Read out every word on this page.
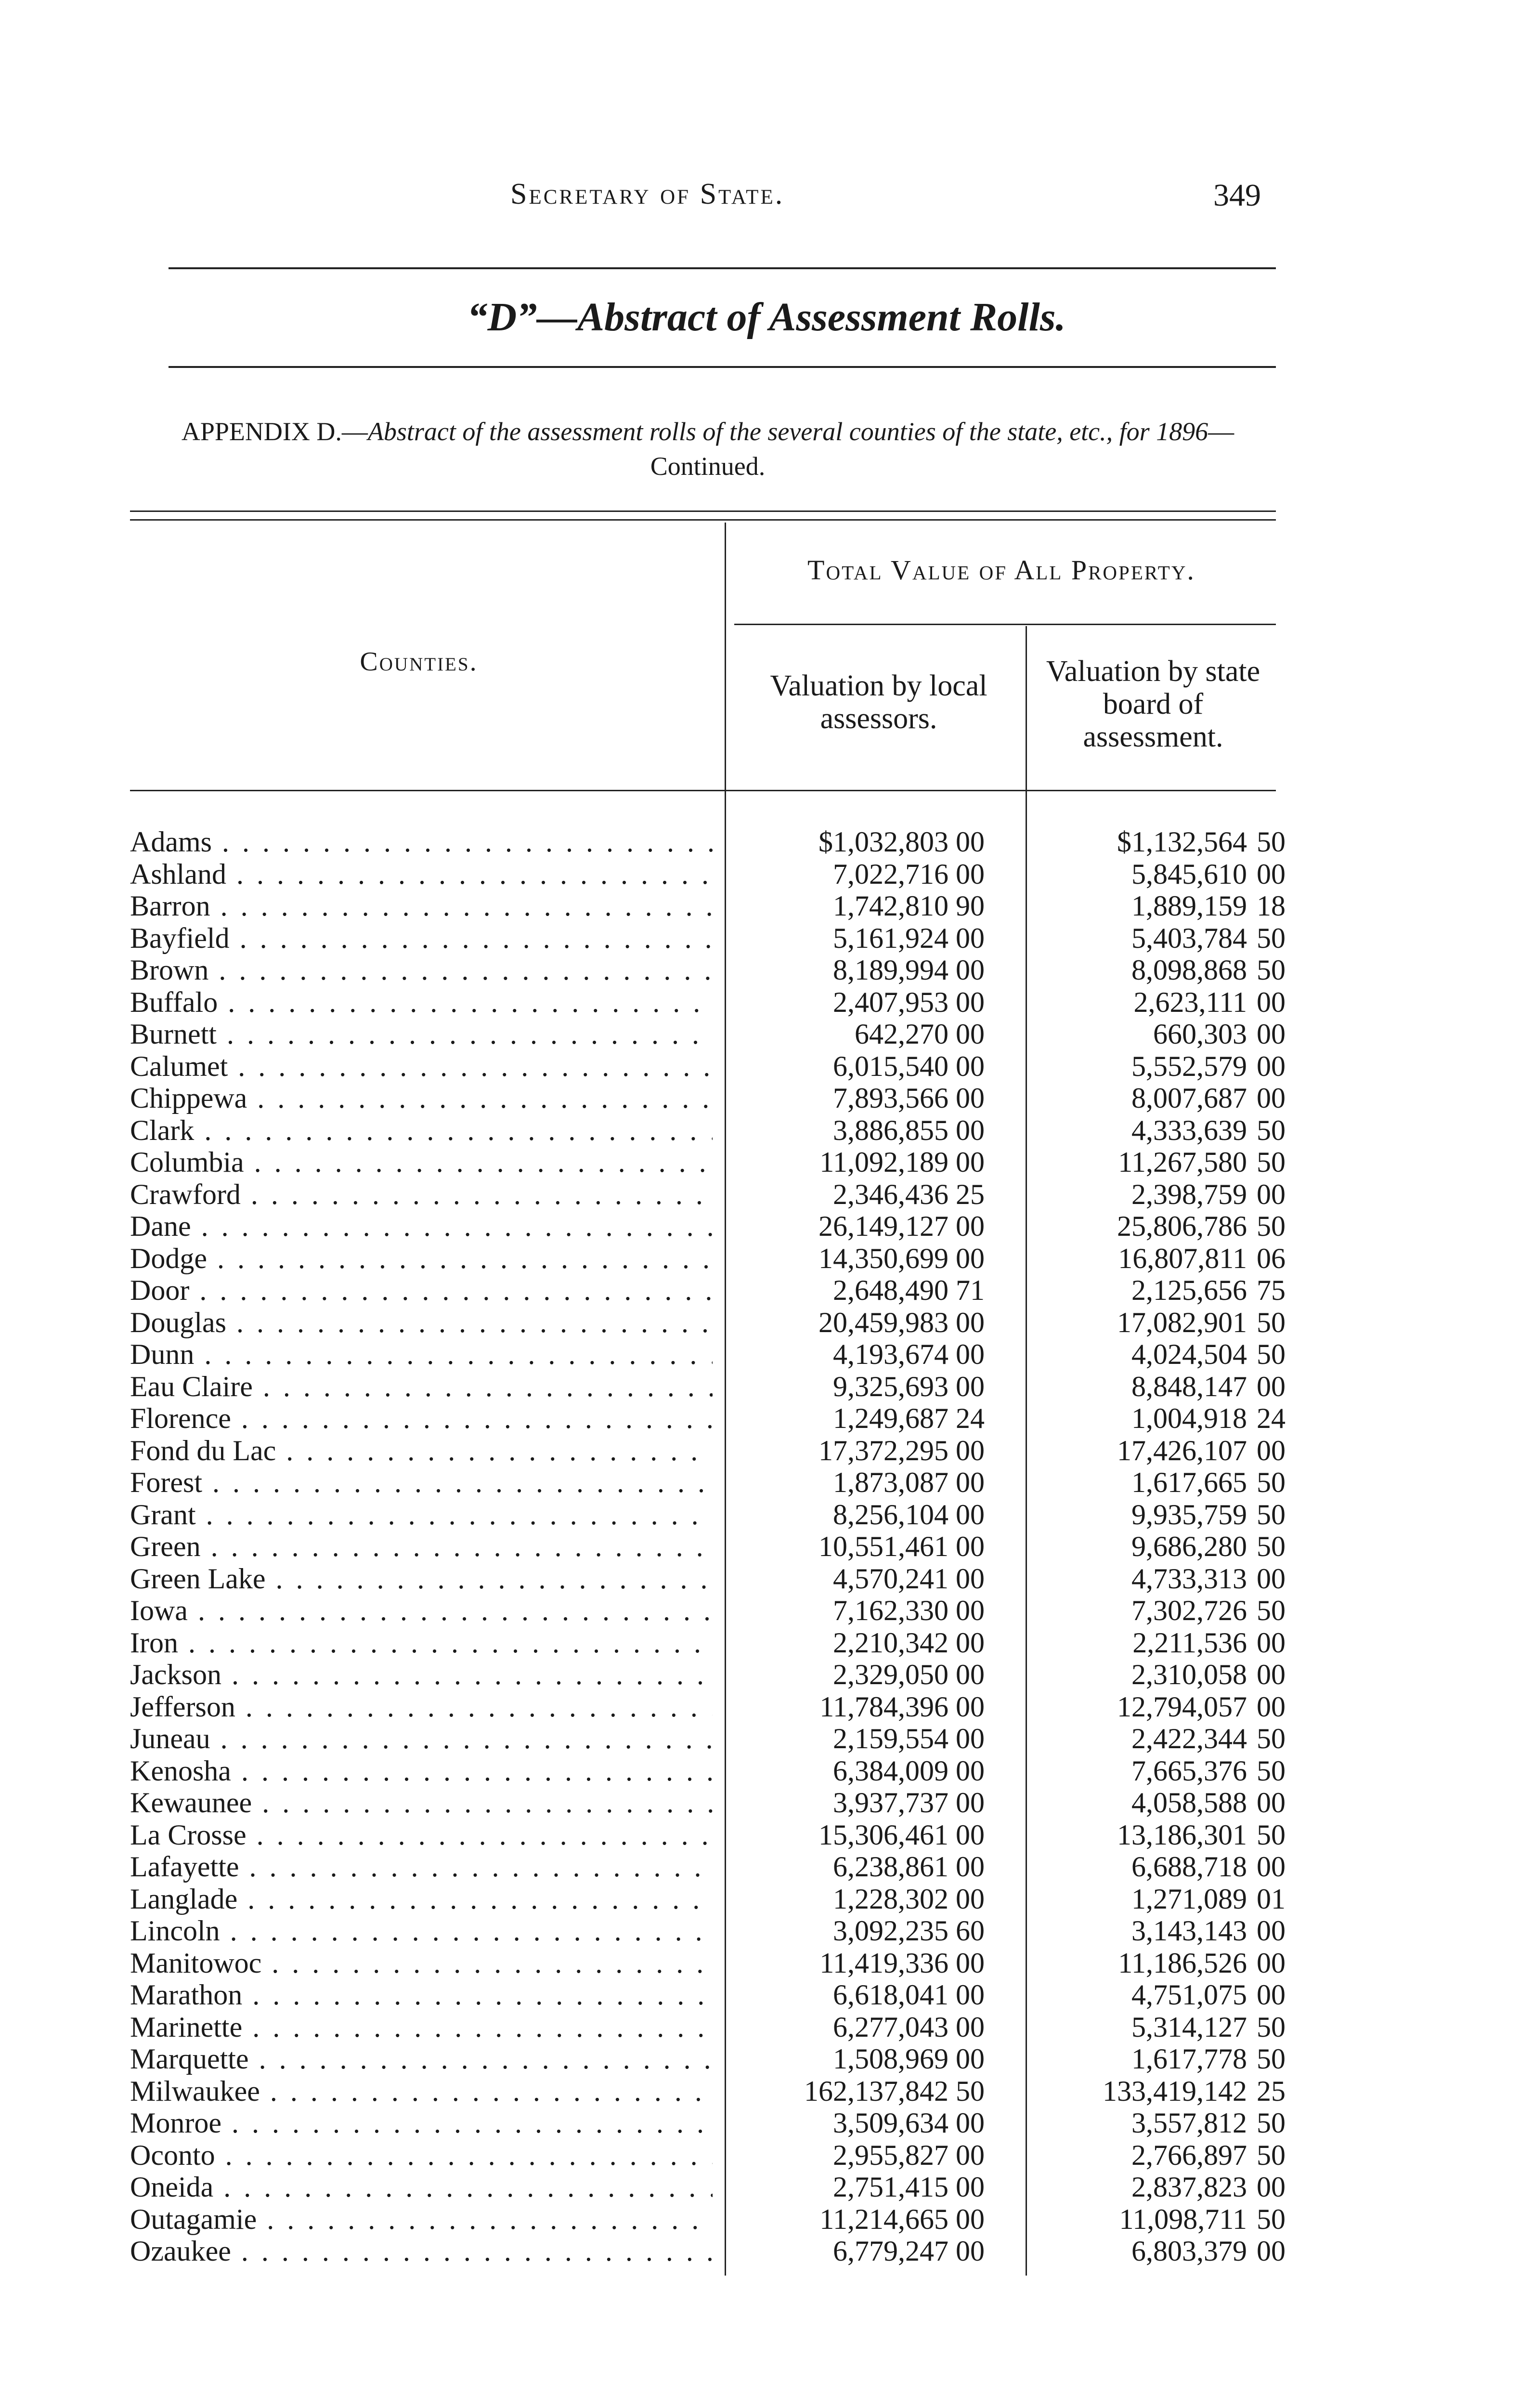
Secretary of State.	349
“D”—Abstract of Assessment Rolls.
APPENDIX D.—Abstract of the assessment rolls of the several counties of the state, etc., for 1896—Continued.
Counties.
Total Value of All Property.
Valuation by local assessors.
Valuation by state board of assessment.
Adams . . .	$1,032,803 00	$1,132,564 50
Ashland . . .	7,022,716 00	5,845,610 00
Barron . . .	1,742,810 90	1,889,159 18
Bayfield . . .	5,161,924 00	5,403,784 50
Brown . . .	8,189,994 00	8,098,868 50
Buffalo . . .	2,407,953 00	2,623,111 00
Burnett . . .	642,270 00	660,303 00
Calumet . . .	6,015,540 00	5,552,579 00
Chippewa . . .	7,893,566 00	8,007,687 00
Clark . . .	3,886,855 00	4,333,639 50
Columbia . . .	11,092,189 00	11,267,580 50
Crawford . . .	2,346,436 25	2,398,759 00
Dane . . .	26,149,127 00	25,806,786 50
Dodge . . .	14,350,699 00	16,807,811 06
Door . . .	2,648,490 71	2,125,656 75
Douglas . . .	20,459,983 00	17,082,901 50
Dunn . . .	4,193,674 00	4,024,504 50
Eau Claire . . .	9,325,693 00	8,848,147 00
Florence . . .	1,249,687 24	1,004,918 24
Fond du Lac . . .	17,372,295 00	17,426,107 00
Forest . . .	1,873,087 00	1,617,665 50
Grant . . .	8,256,104 00	9,935,759 50
Green . . .	10,551,461 00	9,686,280 50
Green Lake . . .	4,570,241 00	4,733,313 00
Iowa . . .	7,162,330 00	7,302,726 50
Iron . . .	2,210,342 00	2,211,536 00
Jackson . . .	2,329,050 00	2,310,058 00
Jefferson . . .	11,784,396 00	12,794,057 00
Juneau . . .	2,159,554 00	2,422,344 50
Kenosha . . .	6,384,009 00	7,665,376 50
Kewaunee . . .	3,937,737 00	4,058,588 00
La Crosse . . .	15,306,461 00	13,186,301 50
Lafayette . . .	6,238,861 00	6,688,718 00
Langlade . . .	1,228,302 00	1,271,089 01
Lincoln . . .	3,092,235 60	3,143,143 00
Manitowoc . . .	11,419,336 00	11,186,526 00
Marathon . . .	6,618,041 00	4,751,075 00
Marinette . . .	6,277,043 00	5,314,127 50
Marquette . . .	1,508,969 00	1,617,778 50
Milwaukee . . .	162,137,842 50	133,419,142 25
Monroe . . .	3,509,634 00	3,557,812 50
Oconto . . .	2,955,827 00	2,766,897 50
Oneida . . .	2,751,415 00	2,837,823 00
Outagamie . . .	11,214,665 00	11,098,711 50
Ozaukee . . .	6,779,247 00	6,803,379 00
